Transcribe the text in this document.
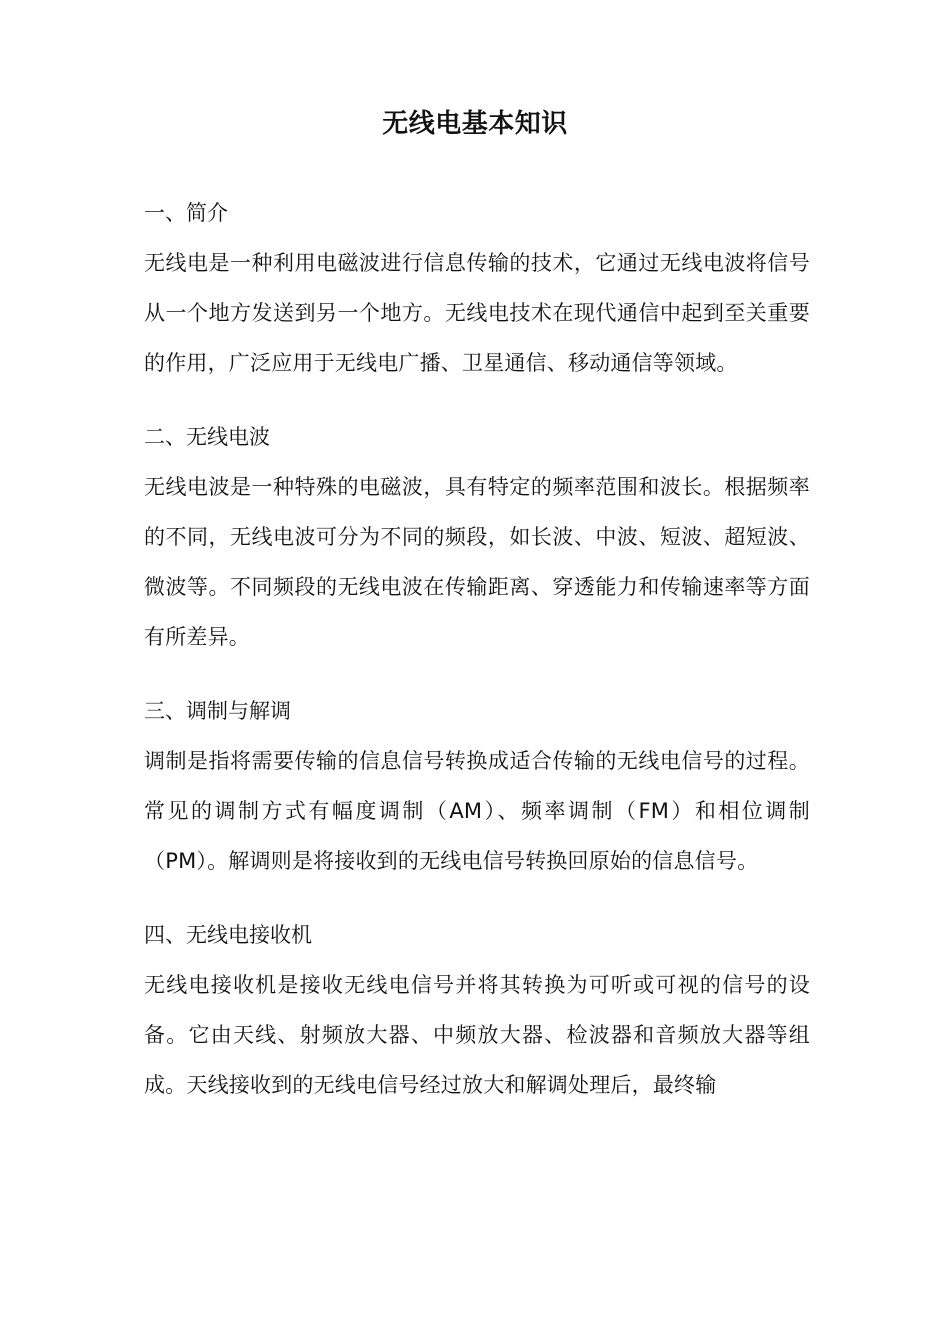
无线电基本知识

一、简介

无线电是一种利用电磁波进行信息传输的技术，它通过无线电波将信号从一个地方发送到另一个地方。无线电技术在现代通信中起到至关重要的作用，广泛应用于无线电广播、卫星通信、移动通信等领域。

二、无线电波

无线电波是一种特殊的电磁波，具有特定的频率范围和波长。根据频率的不同，无线电波可分为不同的频段，如长波、中波、短波、超短波、微波等。不同频段的无线电波在传输距离、穿透能力和传输速率等方面有所差异。

三、调制与解调

调制是指将需要传输的信息信号转换成适合传输的无线电信号的过程。常见的调制方式有幅度调制（AM）、频率调制（FM）和相位调制（PM）。解调则是将接收到的无线电信号转换回原始的信息信号。

四、无线电接收机

无线电接收机是接收无线电信号并将其转换为可听或可视的信号的设备。它由天线、射频放大器、中频放大器、检波器和音频放大器等组成。天线接收到的无线电信号经过放大和解调处理后，最终输
